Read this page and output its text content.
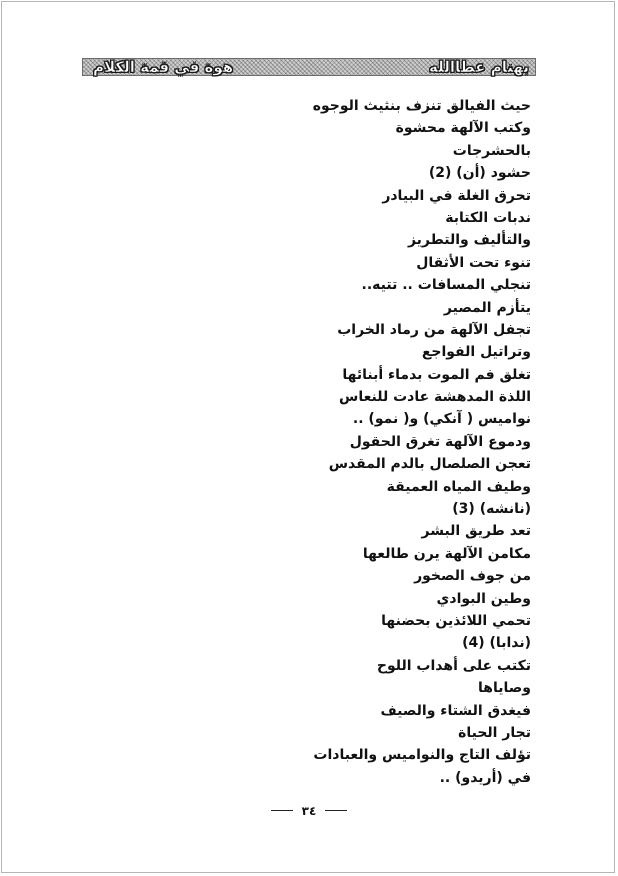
بهنام عطاالله
هوة في قمة الكلام
حيث الفيالق تنزف بنثيث الوجوه
وكتب الآلهة محشوة
بالحشرجات
حشود (أن) (2)
تحرق الغلة في البيادر
ندبات الكتابة
والتأليف والتطريز
تنوء تحت الأثقال
تنجلي المسافات .. تتيه..
يتأزم المصير
تجفل الآلهة من رماد الخراب
وتراتيل الفواجع
تغلق فم الموت بدماء أبنائها
اللذة المدهشة عادت للنعاس
نواميس ( آنكي) و( نمو) ..
ودموع الآلهة تغرق الحقول
تعجن الصلصال بالدم المقدس
وطيف المياه العميقة
(نانشه) (3)
تعد طريق البشر
مكامن الآلهة يرن طالعها
من جوف الصخور
وطين البوادي
تحمي اللائذين بحضنها
(ندابا) (4)
تكتب على أهداب اللوح
وصاياها
فيغدق الشتاء والصيف
تجار الحياة
تؤلف التاج والنواميس والعبادات
في (أريدو) ..
٣٤
